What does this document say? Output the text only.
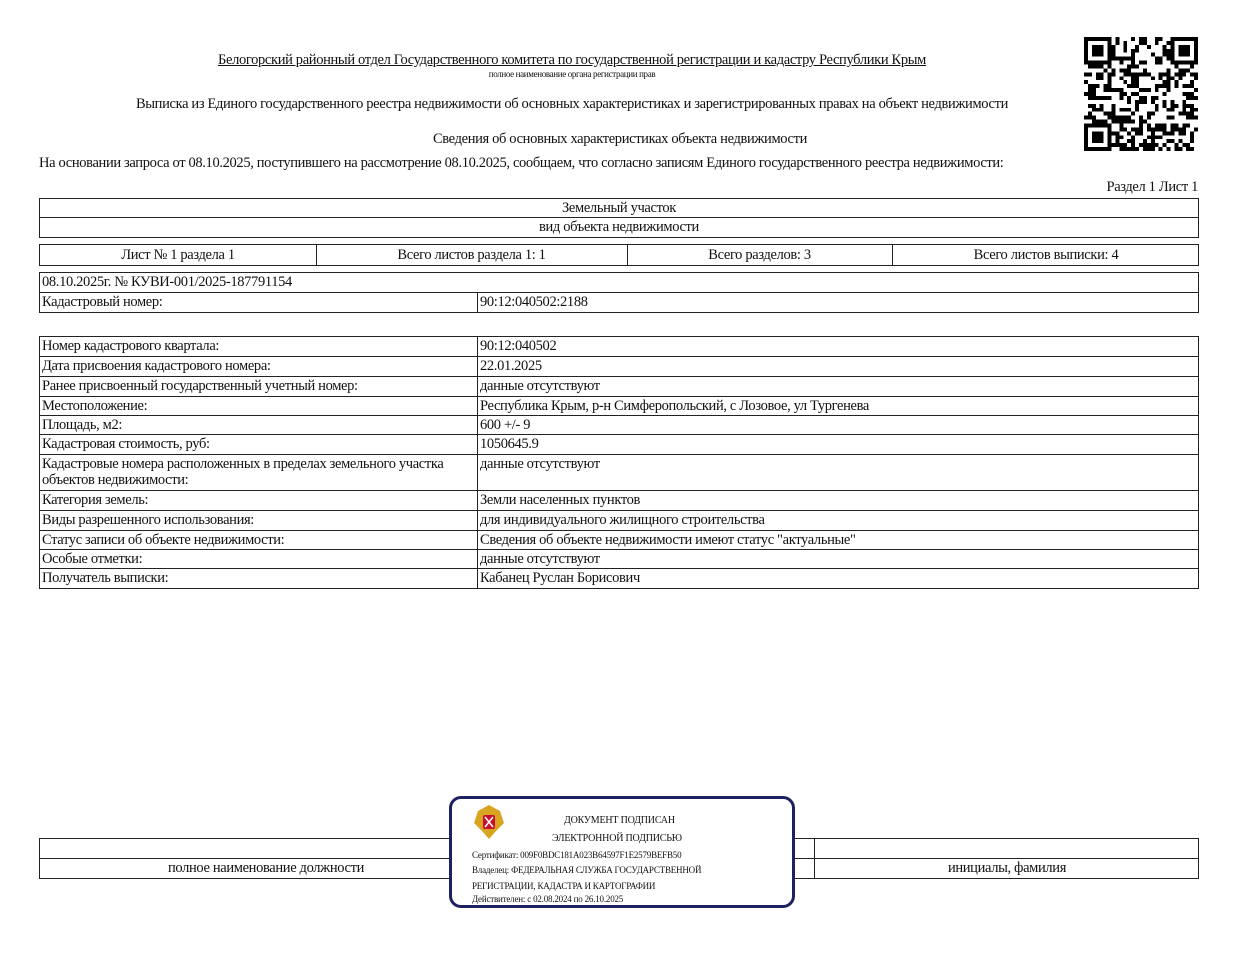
Белогорский районный отдел Государственного комитета по государственной регистрации и кадастру Республики Крым
полное наименование органа регистрации прав
Выписка из Единого государственного реестра недвижимости об основных характеристиках и зарегистрированных правах на объект недвижимости
Сведения об основных характеристиках объекта недвижимости
На основании запроса от 08.10.2025, поступившего на рассмотрение 08.10.2025, сообщаем, что согласно записям Единого государственного реестра недвижимости:
Раздел 1 Лист 1
Земельный участок
вид объекта недвижимости
Лист № 1 раздела 1	Всего листов раздела 1: 1	Всего разделов: 3	Всего листов выписки: 4
08.10.2025г. № КУВИ-001/2025-187791154
Кадастровый номер:	90:12:040502:2188
Номер кадастрового квартала:	90:12:040502
Дата присвоения кадастрового номера:	22.01.2025
Ранее присвоенный государственный учетный номер:	данные отсутствуют
Местоположение:	Республика Крым, р-н Симферопольский, с Лозовое, ул Тургенева
Площадь, м2:	600 +/- 9
Кадастровая стоимость, руб:	1050645.9
Кадастровые номера расположенных в пределах земельного участка объектов недвижимости:
данные отсутствуют
Категория земель:	Земли населенных пунктов
Виды разрешенного использования:	для индивидуального жилищного строительства
Статус записи об объекте недвижимости:	Сведения об объекте недвижимости имеют статус "актуальные"
Особые отметки:	данные отсутствуют
Получатель выписки:	Кабанец Руслан Борисович
полное наименование должности	инициалы, фамилия
ДОКУМЕНТ ПОДПИСАН
ЭЛЕКТРОННОЙ ПОДПИСЬЮ
Сертификат: 009F0BDC181A023B64597F1E2579BEFB50
Владелец: ФЕДЕРАЛЬНАЯ СЛУЖБА ГОСУДАРСТВЕННОЙ
РЕГИСТРАЦИИ, КАДАСТРА И КАРТОГРАФИИ
Действителен: с 02.08.2024 по 26.10.2025
